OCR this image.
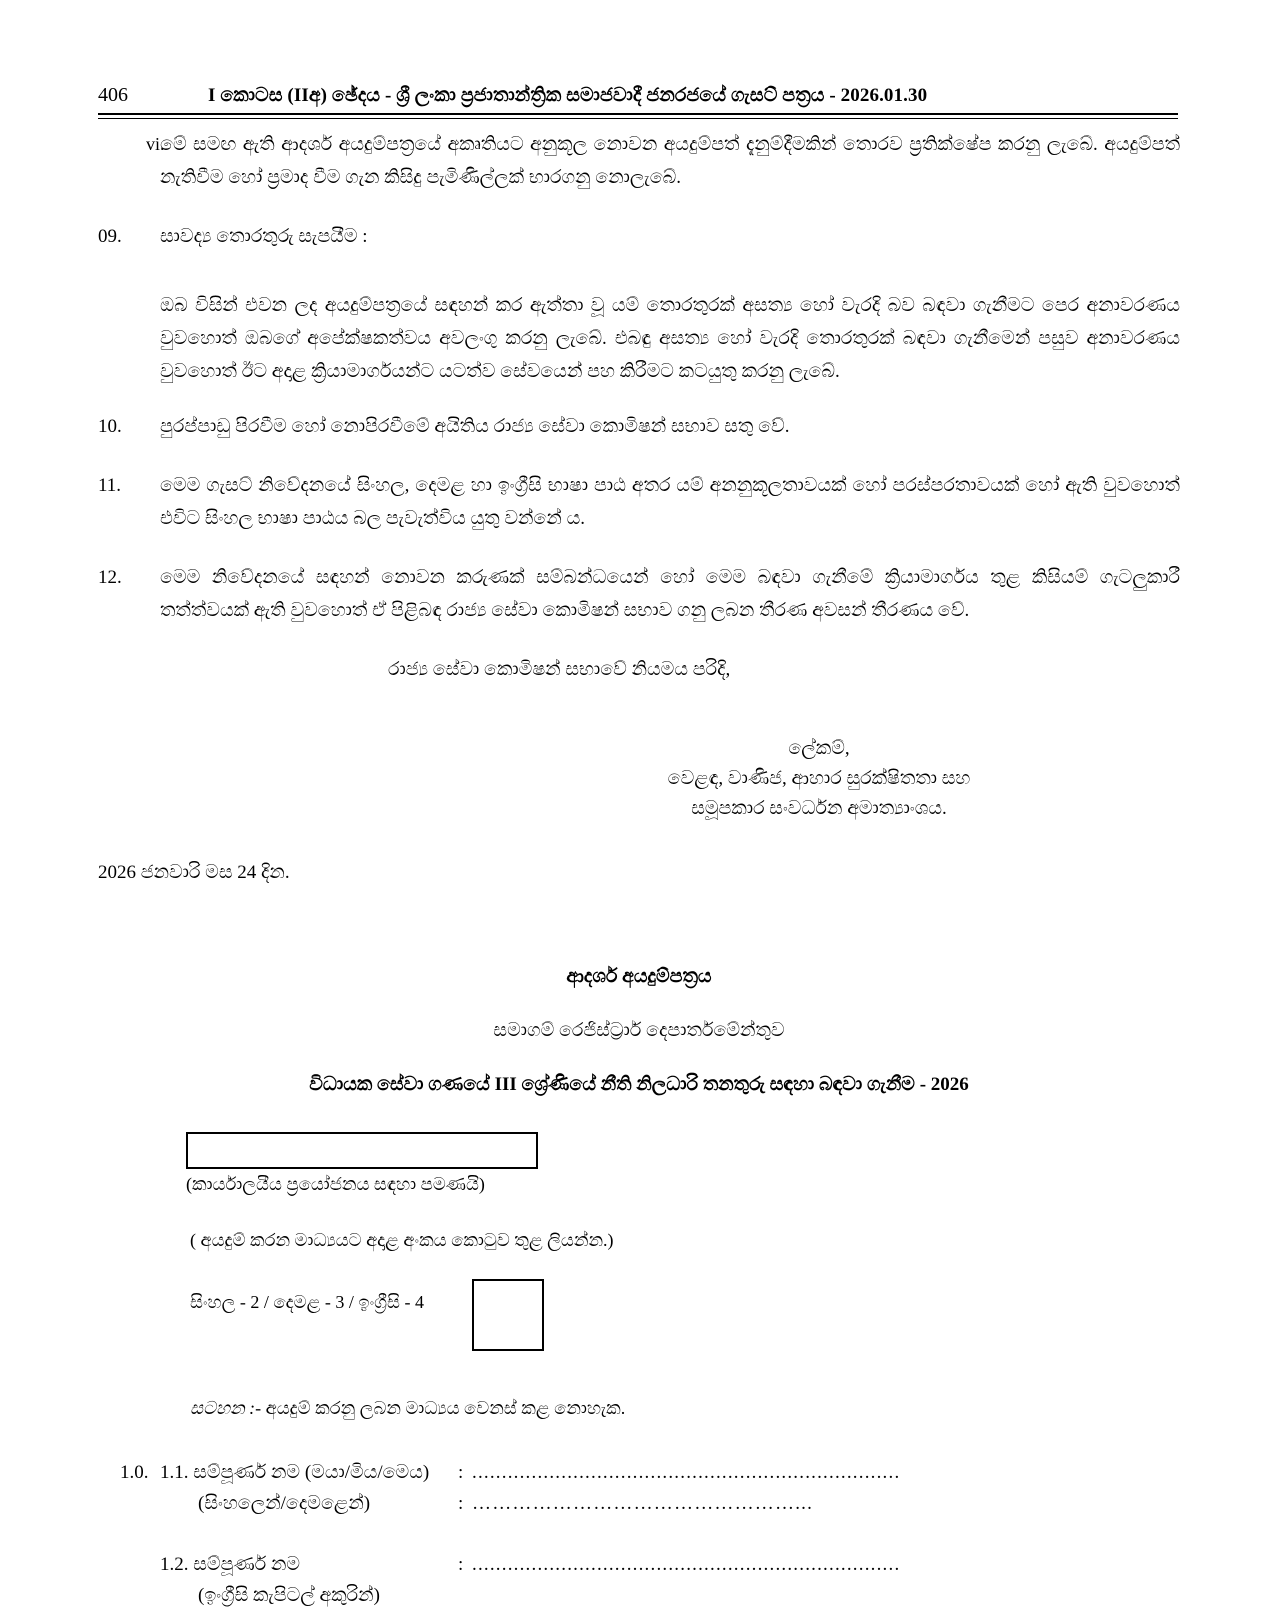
406	I කොටස (IIඅ) ඡේදය - ශ්‍රී ලංකා ප්‍රජාතාන්ත්‍රික සමාජවාදී ජනරජයේ ගැසට් පත්‍රය - 2026.01.30
vi.
මේ සමඟ ඇති ආදර්ශ අයදුම්පත්‍රයේ අකෘතියට අනුකූල නොවන අයදුම්පත් දැනුම්දීමකින් තොරව ප්‍රතික්ෂේප කරනු ලැබේ. අයදුම්පත් නැතිවීම හෝ ප්‍රමාද වීම ගැන කිසිදු පැමිණිල්ලක් භාරගනු නොලැබේ.
09.	සාවද්‍ය තොරතුරු සැපයීම :
ඔබ විසින් එවන ලද අයදුම්පත්‍රයේ සඳහන් කර ඇත්තා වූ යම් තොරතුරක් අසත්‍ය හෝ වැරදි බව බඳවා ගැනීමට පෙර අනාවරණය වුවහොත් ඔබගේ අපේක්ෂකත්වය අවලංගු කරනු ලැබේ. එබඳු අසත්‍ය හෝ වැරදි තොරතුරක් බඳවා ගැනීමෙන් පසුව අනාවරණය වුවහොත් ඊට අදාළ ක්‍රියාමාර්ගයන්ට යටත්ව සේවයෙන් පහ කිරීමට කටයුතු කරනු ලැබේ.
10.	පුරප්පාඩු පිරවීම හෝ නොපිරවීමේ අයිතිය රාජ්‍ය සේවා කොමිෂන් සභාව සතු වේ.
11.	මෙම ගැසට් නිවේදනයේ සිංහල, දෙමළ හා ඉංග්‍රීසි භාෂා පාඨ අතර යම් අනනුකූලතාවයක් හෝ පරස්පරතාවයක් හෝ ඇති වුවහොත් එවිට සිංහල භාෂා පාඨය බල පැවැත්විය යුතු වන්නේ ය.
12.	මෙම නිවේදනයේ සඳහන් නොවන කරුණක් සම්බන්ධයෙන් හෝ මෙම බඳවා ගැනීමේ ක්‍රියාමාර්ගය තුළ කිසියම් ගැටලුකාරී තත්ත්වයක් ඇති වුවහොත් ඒ පිළිබඳ රාජ්‍ය සේවා කොමිෂන් සභාව ගනු ලබන තීරණ අවසන් තීරණය වේ.
රාජ්‍ය සේවා කොමිෂන් සභාවේ නියමය පරිදි,
ලේකම්,
වෙළඳ, වාණිජ, ආහාර සුරක්ෂිතතා සහ
සමූපකාර සංවර්ධන අමාත්‍යාංශය.
2026 ජනවාරි මස 24 දින.
ආදර්ශ අයදුම්පත්‍රය
සමාගම් රෙජිස්ට්‍රාර් දෙපාර්තමේන්තුව
විධායක සේවා ගණයේ III ශ්‍රේණියේ නීති නිලධාරි තනතුරු සඳහා බඳවා ගැනීම - 2026
(කාර්යාලයීය ප්‍රයෝජනය සඳහා පමණයි)
( අයදුම් කරන මාධ්‍යයට අදාළ අංකය කොටුව තුළ ලියන්න.)
සිංහල - 2 / දෙමළ - 3 / ඉංග්‍රීසි - 4
සටහන :- අයදුම් කරනු ලබන මාධ්‍යය වෙනස් කළ නොහැක.
1.0. 1.1. සම්පූර්ණ නම (මයා/මිය/මෙය)	: ........................................................................
(සිංහලෙන්/දෙමළෙන්)	: …………………………………………...
1.2. සම්පූර්ණ නම	: ........................................................................
(ඉංග්‍රීසි කැපිටල් අකුරින්)
